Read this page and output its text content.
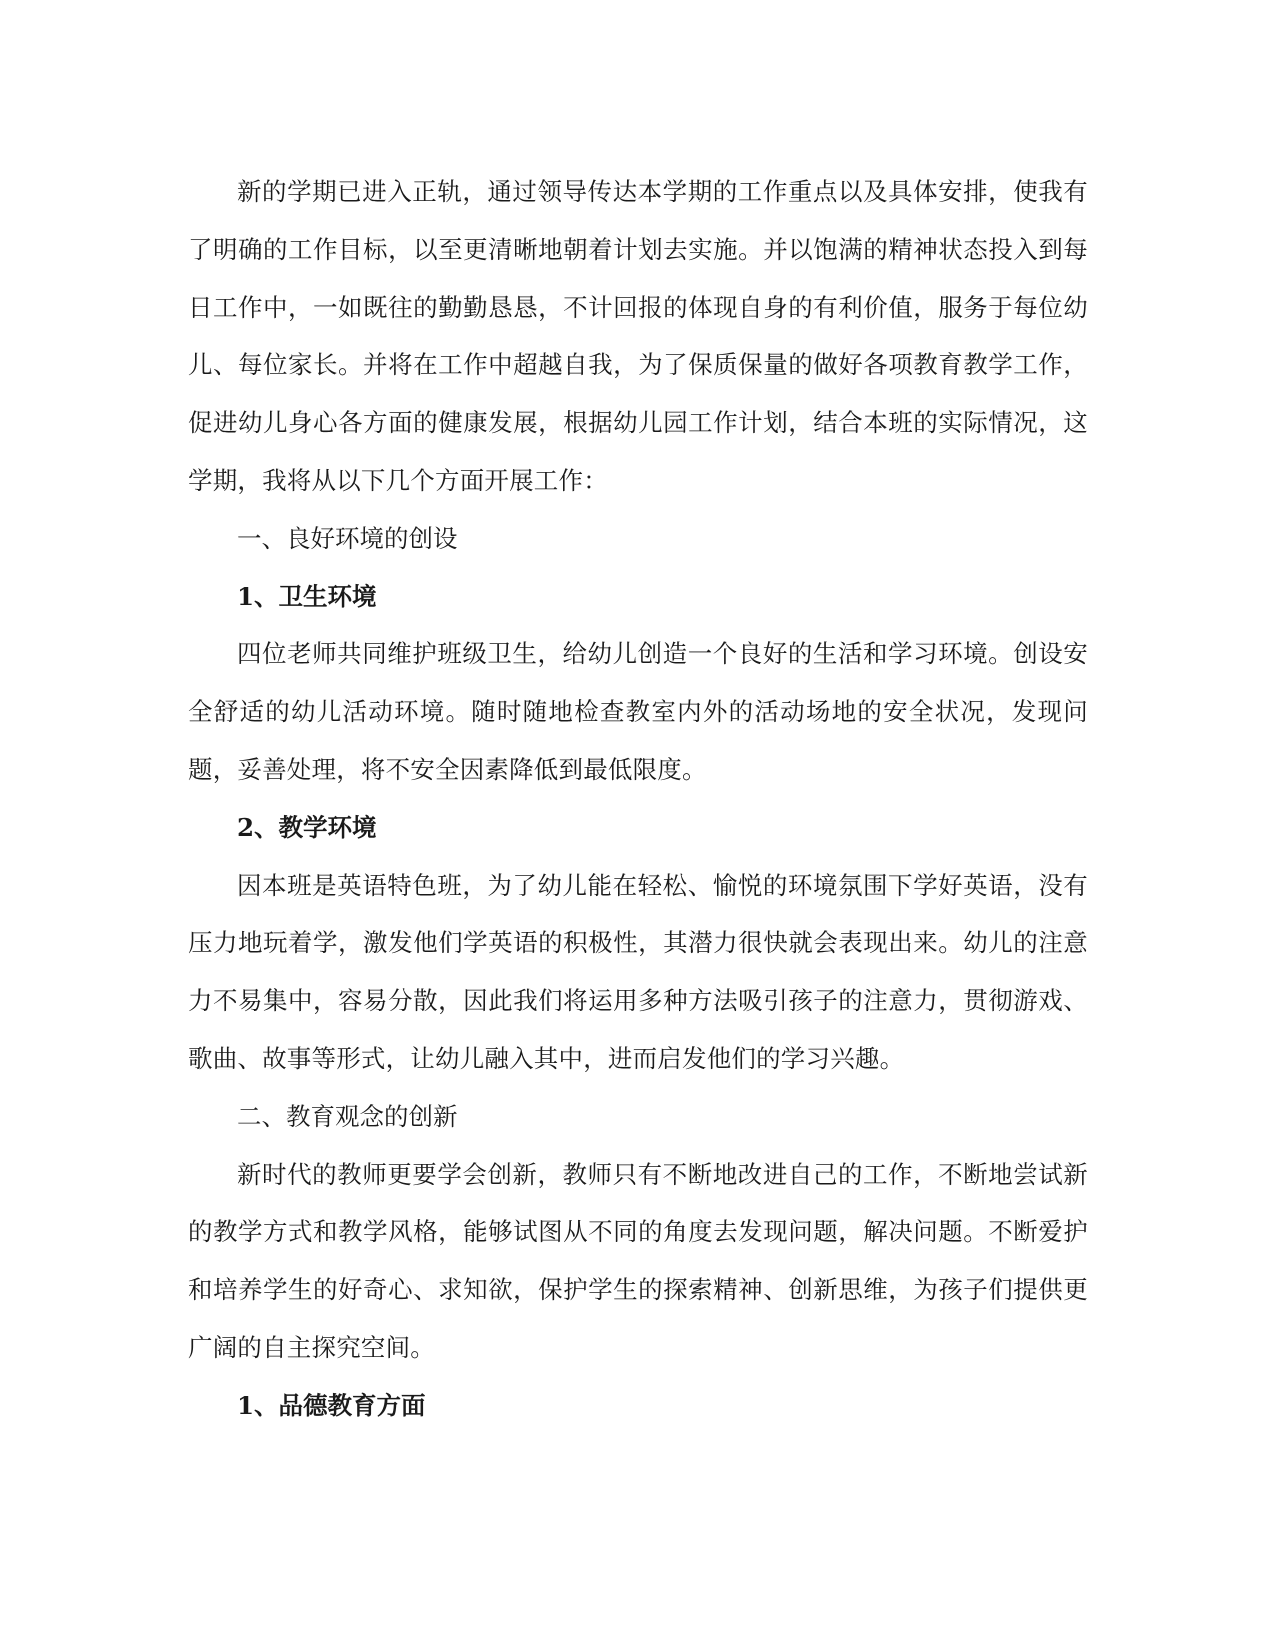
新的学期已进入正轨，通过领导传达本学期的工作重点以及具体安排，使我有了明确的工作目标，以至更清晰地朝着计划去实施。并以饱满的精神状态投入到每日工作中，一如既往的勤勤恳恳，不计回报的体现自身的有利价值，服务于每位幼儿、每位家长。并将在工作中超越自我，为了保质保量的做好各项教育教学工作，促进幼儿身心各方面的健康发展，根据幼儿园工作计划，结合本班的实际情况，这学期，我将从以下几个方面开展工作：

一、良好环境的创设

1、卫生环境

四位老师共同维护班级卫生，给幼儿创造一个良好的生活和学习环境。创设安全舒适的幼儿活动环境。随时随地检查教室内外的活动场地的安全状况，发现问题，妥善处理，将不安全因素降低到最低限度。

2、教学环境

因本班是英语特色班，为了幼儿能在轻松、愉悦的环境氛围下学好英语，没有压力地玩着学，激发他们学英语的积极性，其潜力很快就会表现出来。幼儿的注意力不易集中，容易分散，因此我们将运用多种方法吸引孩子的注意力，贯彻游戏、歌曲、故事等形式，让幼儿融入其中，进而启发他们的学习兴趣。

二、教育观念的创新

新时代的教师更要学会创新，教师只有不断地改进自己的工作，不断地尝试新的教学方式和教学风格，能够试图从不同的角度去发现问题，解决问题。不断爱护和培养学生的好奇心、求知欲，保护学生的探索精神、创新思维，为孩子们提供更广阔的自主探究空间。

1、品德教育方面
